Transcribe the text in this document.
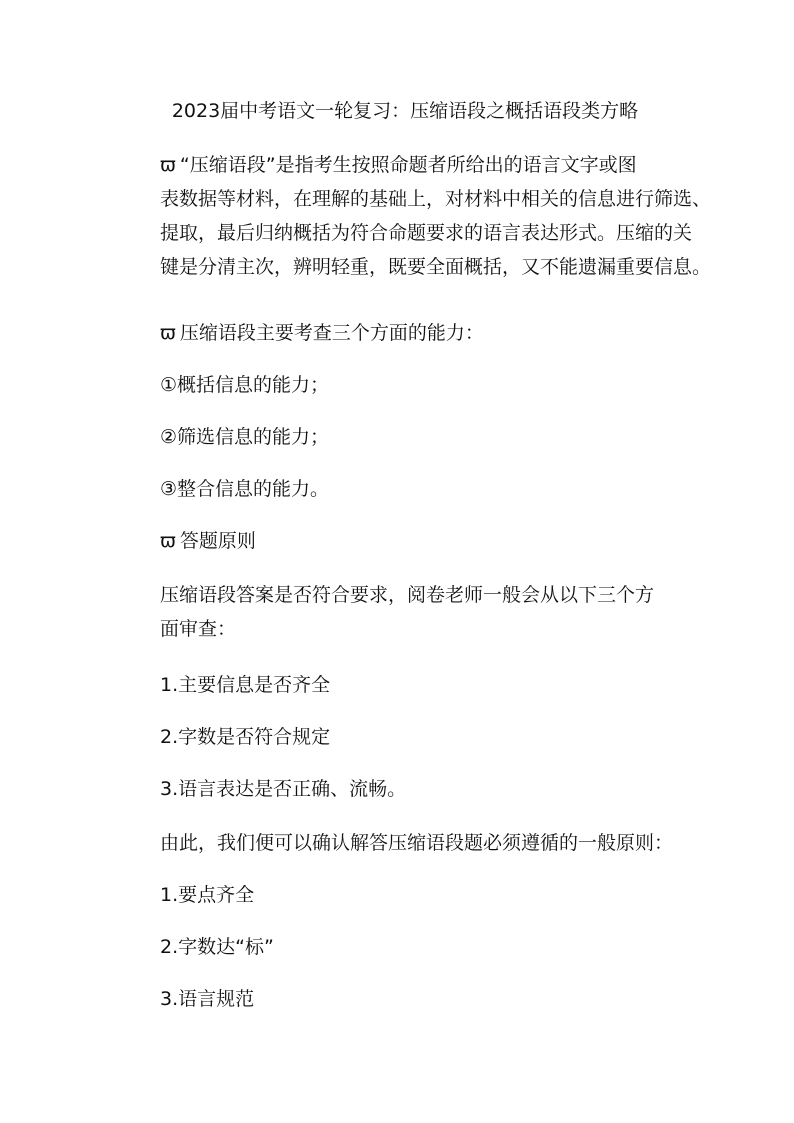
2023届中考语文一轮复习：压缩语段之概括语段类方略

ϖ “压缩语段”是指考生按照命题者所给出的语言文字或图

表数据等材料，在理解的基础上，对材料中相关的信息进行筛选、

提取，最后归纳概括为符合命题要求的语言表达形式。压缩的关

键是分清主次，辨明轻重，既要全面概括，又不能遗漏重要信息。

ϖ 压缩语段主要考查三个方面的能力：

①概括信息的能力；

②筛选信息的能力；

③整合信息的能力。

ϖ 答题原则

压缩语段答案是否符合要求，阅卷老师一般会从以下三个方

面审查：

1.主要信息是否齐全

2.字数是否符合规定

3.语言表达是否正确、流畅。

由此，我们便可以确认解答压缩语段题必须遵循的一般原则：

1.要点齐全

2.字数达“标”

3.语言规范
